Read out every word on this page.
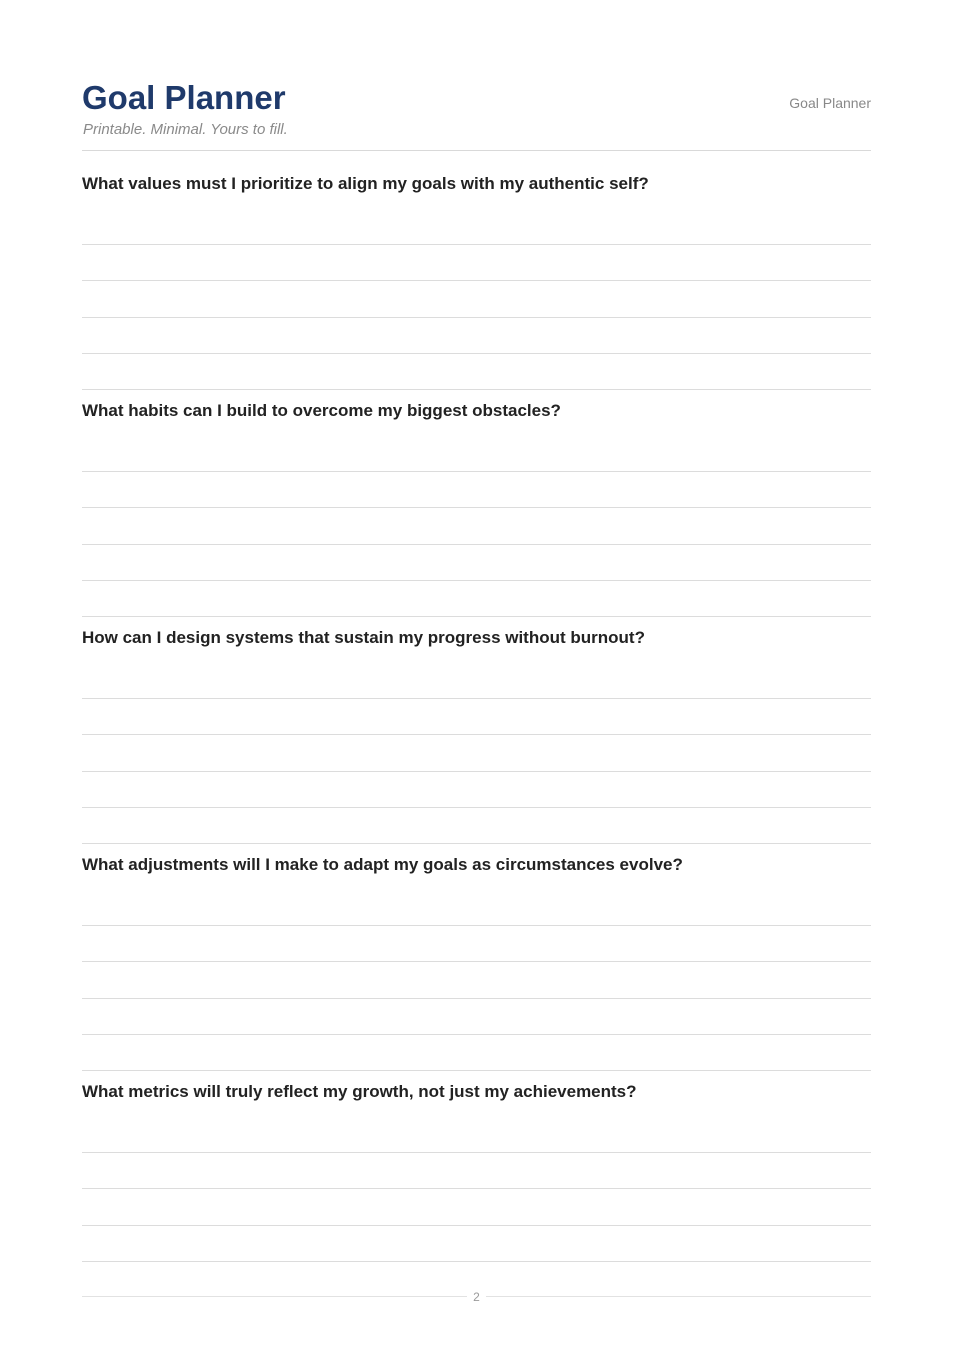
Goal Planner
Printable. Minimal. Yours to fill.
Goal Planner
What values must I prioritize to align my goals with my authentic self?
What habits can I build to overcome my biggest obstacles?
How can I design systems that sustain my progress without burnout?
What adjustments will I make to adapt my goals as circumstances evolve?
What metrics will truly reflect my growth, not just my achievements?
2
